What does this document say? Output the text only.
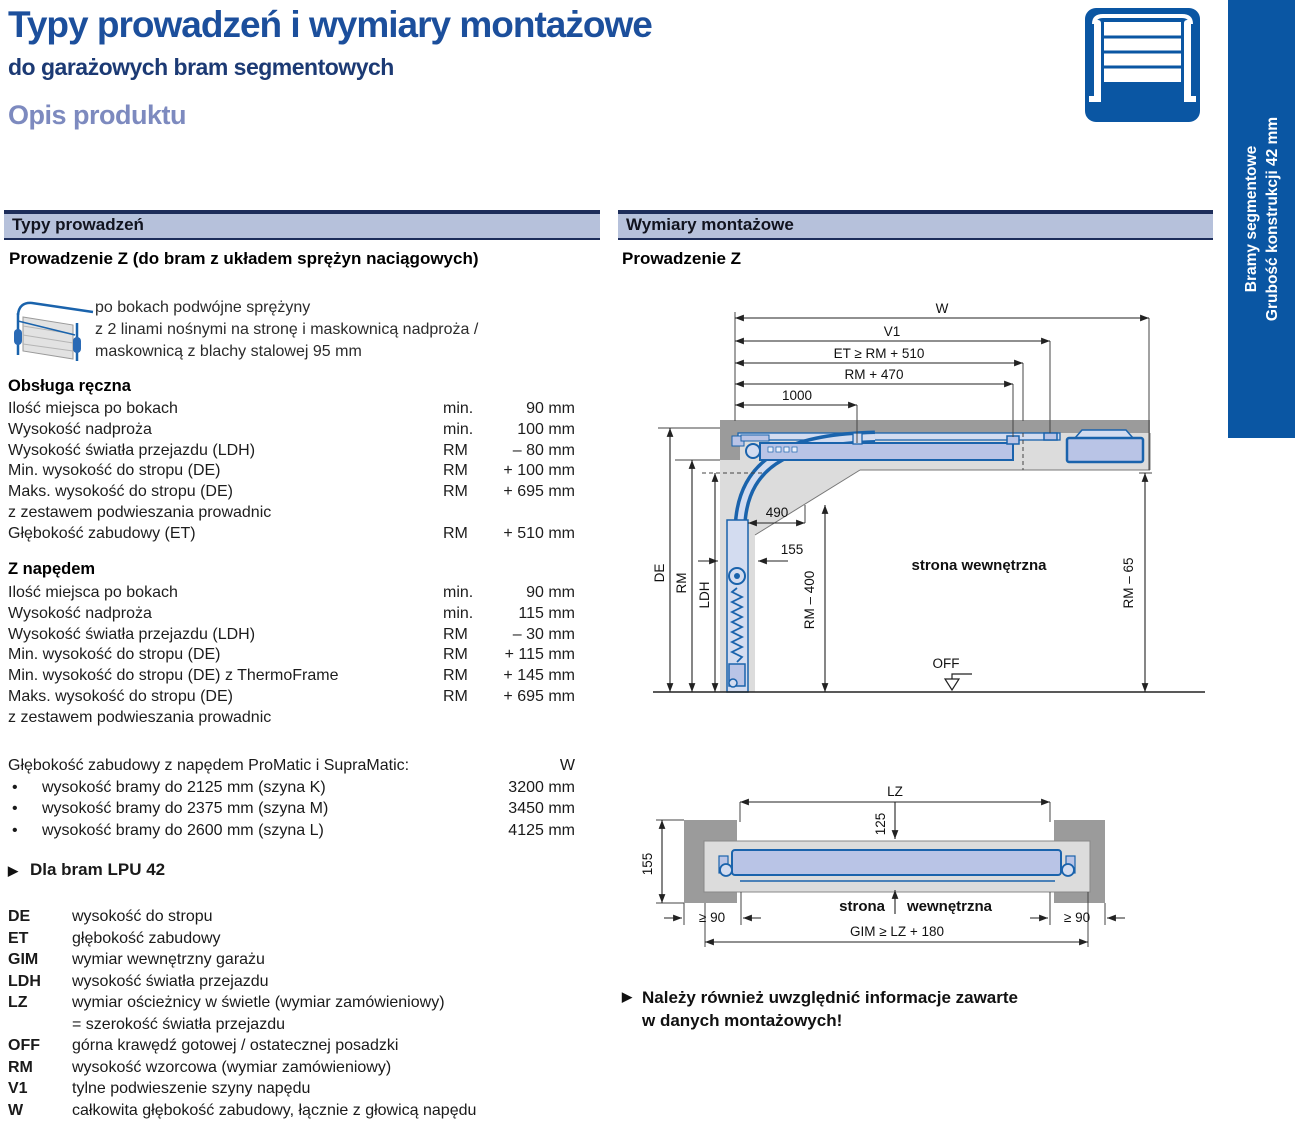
Typy prowadzeń i wymiary montażowe
do garażowych bram segmentowych
Opis produktu
Bramy segmentowe Grubość konstrukcji 42 mm
Typy prowadzeń
Prowadzenie Z (do bram z układem sprężyn naciągowych)
po bokach podwójne sprężyny
z 2 linami nośnymi na stronę i maskownicą nadproża /
maskownicą z blachy stalowej 95 mm
Obsługa ręczna
Ilość miejsca po bokach	min.	90 mm
Wysokość nadproża	min.	100 mm
Wysokość światła przejazdu (LDH)	RM	– 80 mm
Min. wysokość do stropu (DE)	RM	+ 100 mm
Maks. wysokość do stropu (DE)	RM	+ 695 mm
z zestawem podwieszania prowadnic
Głębokość zabudowy (ET)	RM	+ 510 mm
Z napędem
Ilość miejsca po bokach	min.	90 mm
Wysokość nadproża	min.	115 mm
Wysokość światła przejazdu (LDH)	RM	– 30 mm
Min. wysokość do stropu (DE)	RM	+ 115 mm
Min. wysokość do stropu (DE) z ThermoFrame	RM	+ 145 mm
Maks. wysokość do stropu (DE)	RM	+ 695 mm
z zestawem podwieszania prowadnic
Głębokość zabudowy z napędem ProMatic i SupraMatic:	W
•	wysokość bramy do 2125 mm (szyna K)	3200 mm
•	wysokość bramy do 2375 mm (szyna M)	3450 mm
•	wysokość bramy do 2600 mm (szyna L)	4125 mm
▶ Dla bram LPU 42
DE	wysokość do stropu
ET	głębokość zabudowy
GIM	wymiar wewnętrzny garażu
LDH	wysokość światła przejazdu
LZ	wymiar ościeżnicy w świetle (wymiar zamówieniowy)
= szerokość światła przejazdu
OFF	górna krawędź gotowej / ostatecznej posadzki
RM	wysokość wzorcowa (wymiar zamówieniowy)
V1	tylne podwieszenie szyny napędu
W	całkowita głębokość zabudowy, łącznie z głowicą napędu
Wymiary montażowe
Prowadzenie Z
W
V1
ET ≥ RM + 510
RM + 470
1000
490
155
DE RM LDH	RM – 400	RM – 65
strona wewnętrzna
OFF
LZ
125
155
≥ 90	≥ 90
strona wewnętrzna
GIM ≥ LZ + 180
▶ Należy również uwzględnić informacje zawarte
w danych montażowych!
